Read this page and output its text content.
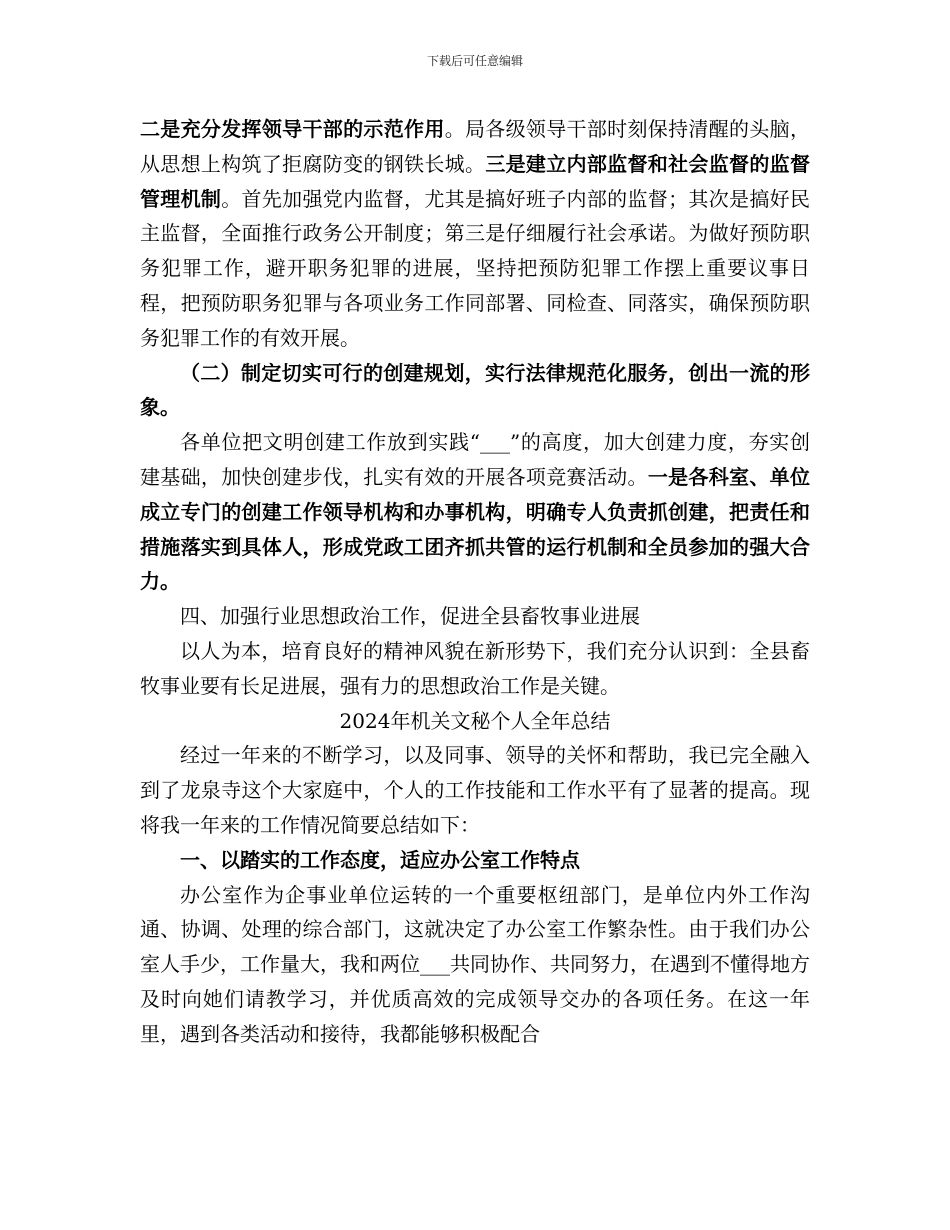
下载后可任意编辑

二是充分发挥领导干部的示范作用。局各级领导干部时刻保持清醒的头脑，从思想上构筑了拒腐防变的钢铁长城。三是建立内部监督和社会监督的监督管理机制。首先加强党内监督，尤其是搞好班子内部的监督；其次是搞好民主监督，全面推行政务公开制度；第三是仔细履行社会承诺。为做好预防职务犯罪工作，避开职务犯罪的进展，坚持把预防犯罪工作摆上重要议事日程，把预防职务犯罪与各项业务工作同部署、同检查、同落实，确保预防职务犯罪工作的有效开展。

（二）制定切实可行的创建规划，实行法律规范化服务，创出一流的形象。

各单位把文明创建工作放到实践“___”的高度，加大创建力度，夯实创建基础，加快创建步伐，扎实有效的开展各项竞赛活动。一是各科室、单位成立专门的创建工作领导机构和办事机构，明确专人负责抓创建，把责任和措施落实到具体人，形成党政工团齐抓共管的运行机制和全员参加的强大合力。

四、加强行业思想政治工作，促进全县畜牧事业进展

以人为本，培育良好的精神风貌在新形势下，我们充分认识到：全县畜牧事业要有长足进展，强有力的思想政治工作是关键。

2024年机关文秘个人全年总结

经过一年来的不断学习，以及同事、领导的关怀和帮助，我已完全融入到了龙泉寺这个大家庭中，个人的工作技能和工作水平有了显著的提高。现将我一年来的工作情况简要总结如下：

一、以踏实的工作态度，适应办公室工作特点

办公室作为企事业单位运转的一个重要枢纽部门，是单位内外工作沟通、协调、处理的综合部门，这就决定了办公室工作繁杂性。由于我们办公室人手少，工作量大，我和两位___共同协作、共同努力，在遇到不懂得地方及时向她们请教学习，并优质高效的完成领导交办的各项任务。在这一年里，遇到各类活动和接待，我都能够积极配合
